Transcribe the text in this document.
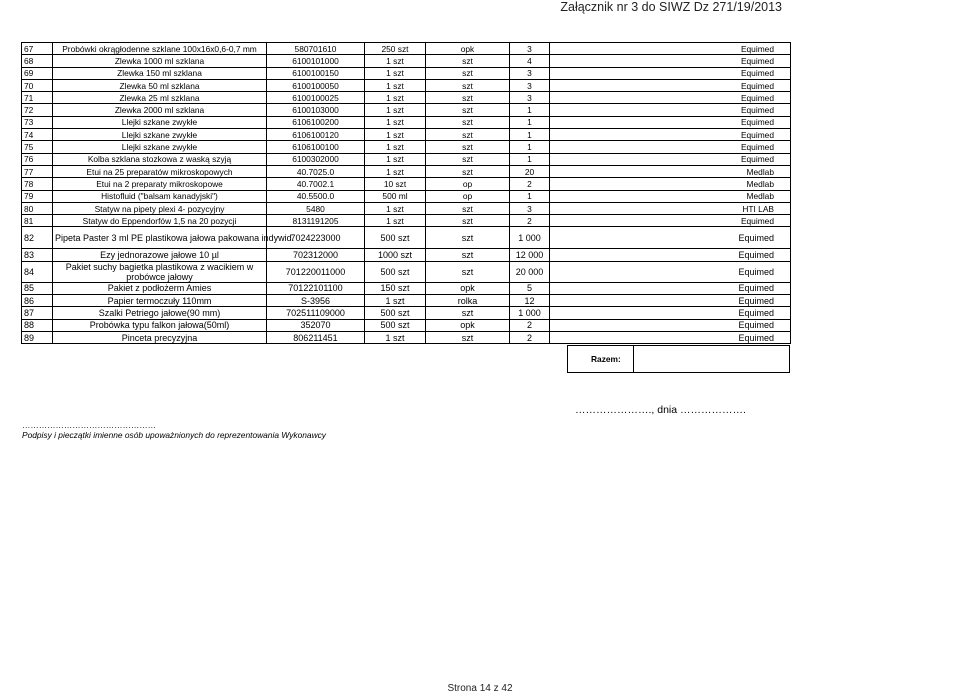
Załącznik nr 3 do SIWZ Dz 271/19/2013
67	Probówki okrągłodenne szklane 100x16x0,6-0,7 mm	580701610	250 szt	opk	3	Equimed
68	Zlewka 1000 ml szklana	6100101000	1 szt	szt	4	Equimed
69	Zlewka 150 ml szklana	6100100150	1 szt	szt	3	Equimed
70	Zlewka 50 ml szklana	6100100050	1 szt	szt	3	Equimed
71	Zlewka 25 ml szklana	6100100025	1 szt	szt	3	Equimed
72	Zlewka 2000 ml szklana	6100103000	1 szt	szt	1	Equimed
73	Llejki szkane zwykłe	6106100200	1 szt	szt	1	Equimed
74	Llejki szkane zwykłe	6106100120	1 szt	szt	1	Equimed
75	Llejki szkane zwykłe	6106100100	1 szt	szt	1	Equimed
76	Kolba szklana stozkowa z waską szyją	6100302000	1 szt	szt	1	Equimed
77	Etui na 25 preparatów mikroskopowych	40.7025.0	1 szt	szt	20	Medlab
78	Etui na 2 preparaty mikroskopowe	40.7002.1	10 szt	op	2	Medlab
79	Histofluid ("balsam kanadyjski")	40.5500.0	500 ml	op	1	Medlab
80	Statyw na pipety plexi 4- pozycyjny	5480	1 szt	szt	3	HTI LAB
81	Statyw do Eppendorfów 1,5 na 20 pozycji	8131191205	1 szt	szt	2	Equimed
82	Pipeta Paster 3 ml PE plastikowa jałowa pakowana indywid.	7024223000	500 szt	szt	1 000	Equimed
83	Ezy jednorazowe jałowe 10 µl	702312000	1000 szt	szt	12 000	Equimed
84	Pakiet suchy bagietka plastikowa z wacikiem w probówce jałowy	701220011000	500 szt	szt	20 000	Equimed
85	Pakiet z podłożerm Amies	70122101100	150 szt	opk	5	Equimed
86	Papier termoczuły 110mm	S-3956	1 szt	rolka	12	Equimed
87	Szalki Petriego jałowe(90 mm)	702511109000	500 szt	szt	1 000	Equimed
88	Probówka typu falkon jałowa(50ml)	352070	500 szt	opk	2	Equimed
89	Pinceta precyzyjna	806211451	1 szt	szt	2	Equimed
Razem:
…………………., dnia ……………….
…………………………………………
Podpisy i pieczątki imienne osób upoważnionych do reprezentowania Wykonawcy
Strona 14 z 42
